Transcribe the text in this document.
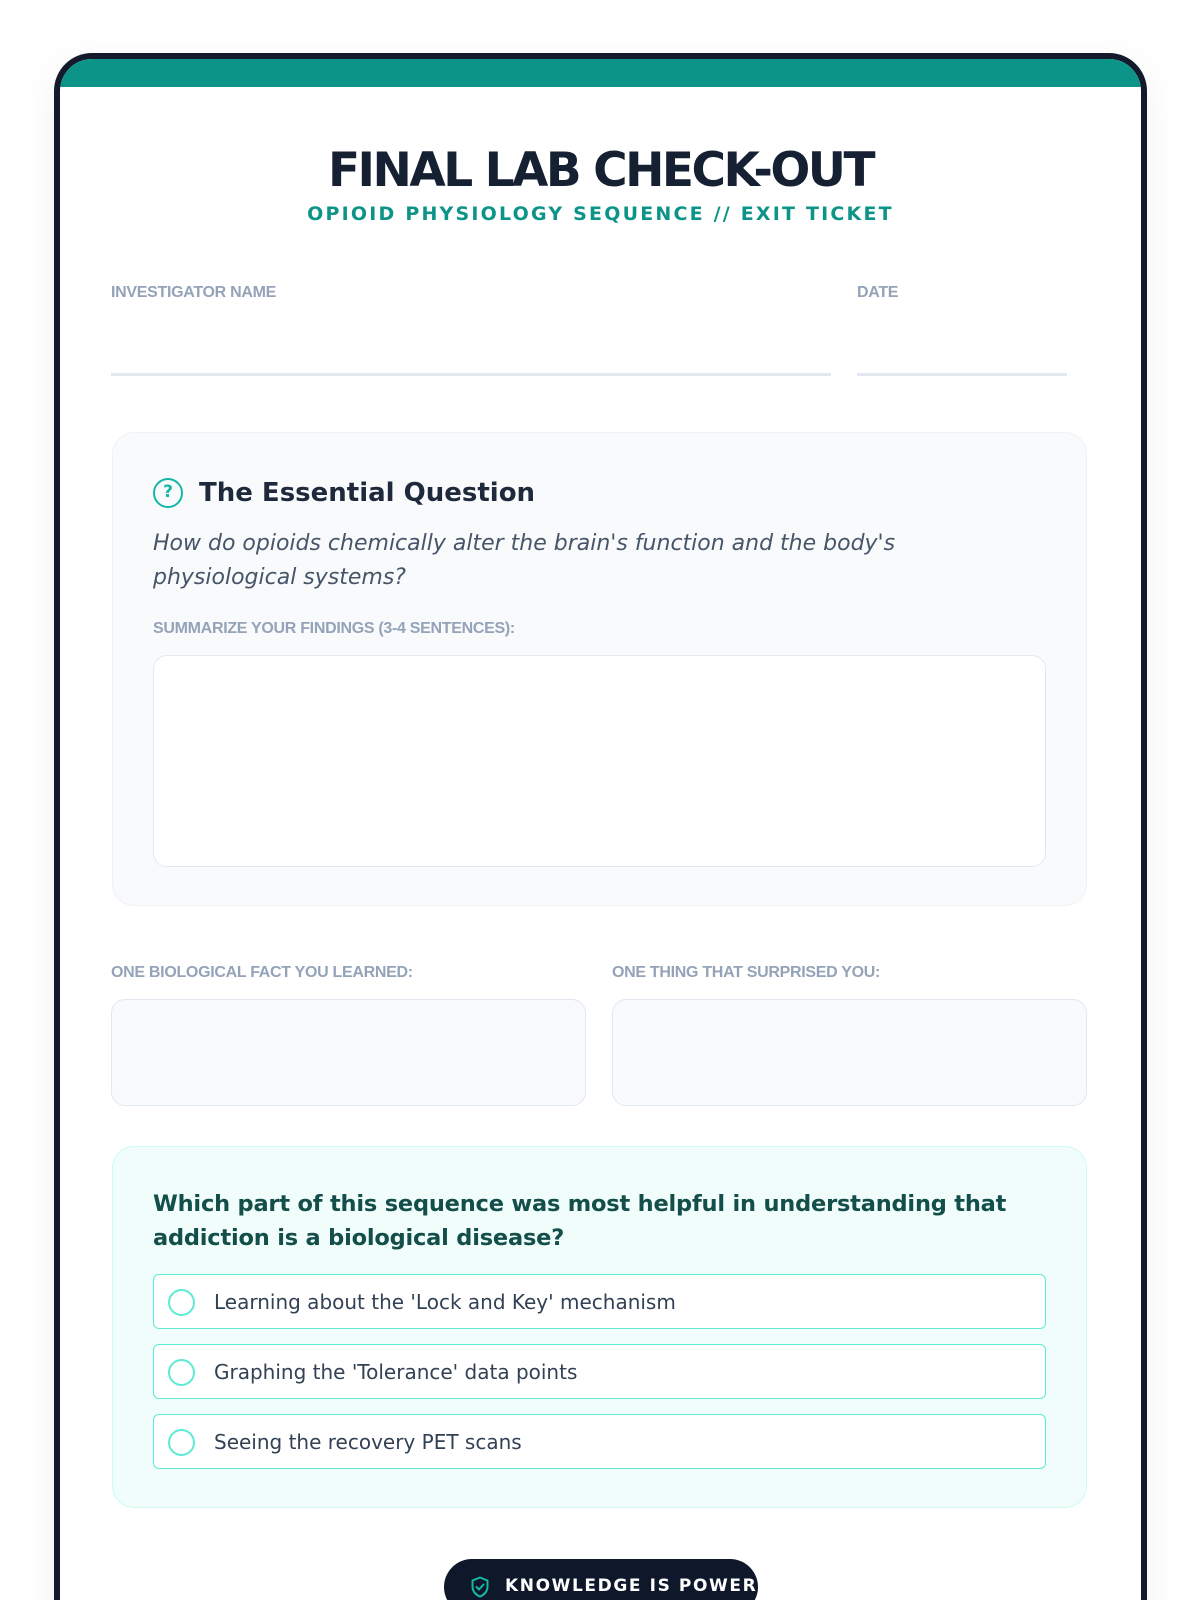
FINAL LAB CHECK-OUT
OPIOID PHYSIOLOGY SEQUENCE // EXIT TICKET
INVESTIGATOR NAME	DATE
?	The Essential Question
How do opioids chemically alter the brain's function and the body's physiological systems?
SUMMARIZE YOUR FINDINGS (3-4 SENTENCES):
ONE BIOLOGICAL FACT YOU LEARNED:	ONE THING THAT SURPRISED YOU:
Which part of this sequence was most helpful in understanding that addiction is a biological disease?
Learning about the 'Lock and Key' mechanism
Graphing the 'Tolerance' data points
Seeing the recovery PET scans
KNOWLEDGE IS POWER
